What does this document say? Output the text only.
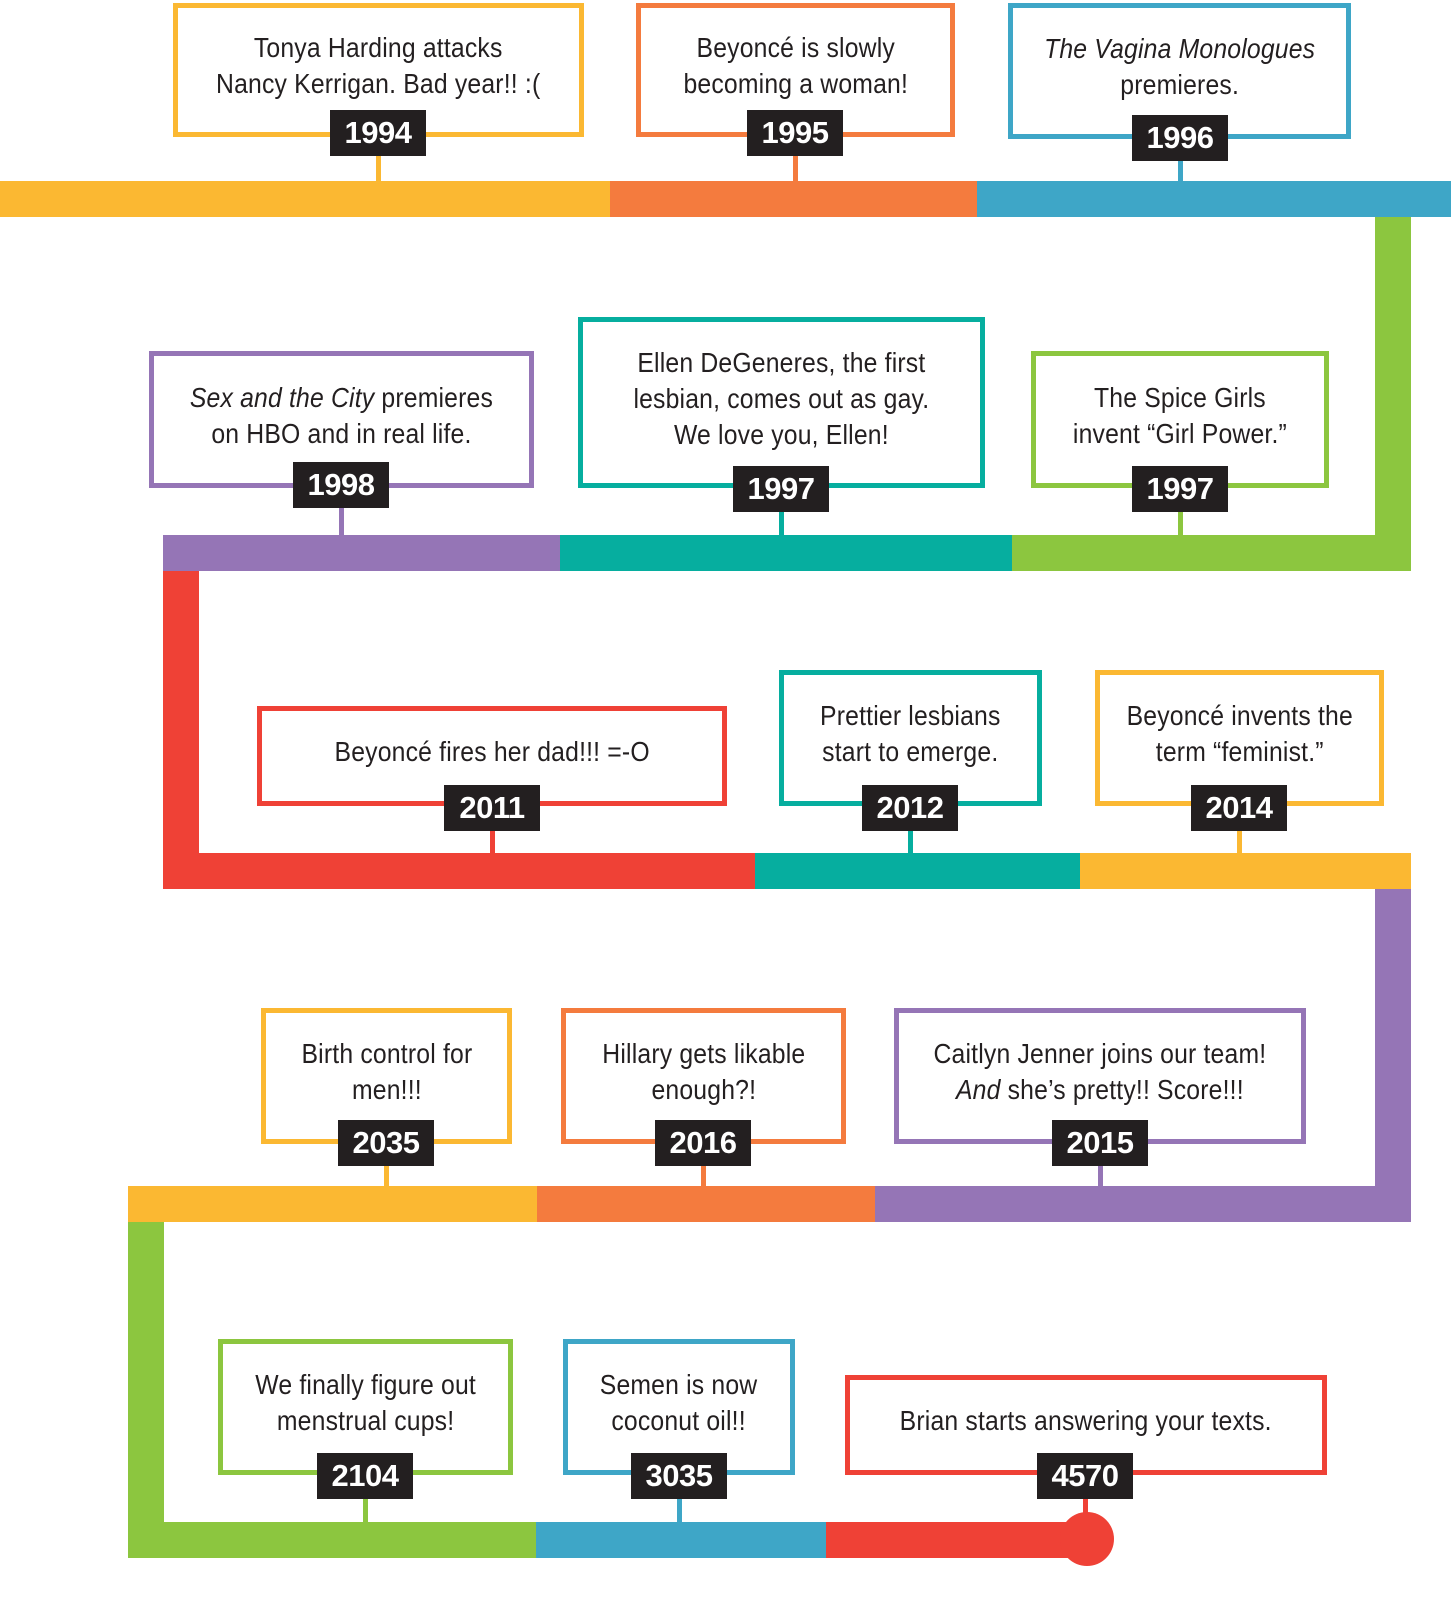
Tonya Harding attacks
Nancy Kerrigan. Bad year!! :(
1994
Beyoncé is slowly
becoming a woman!
1995
The Vagina Monologues
premieres.
1996
Sex and the City premieres
on HBO and in real life.
1998
Ellen DeGeneres, the first
lesbian, comes out as gay.
We love you, Ellen!
1997
The Spice Girls
invent “Girl Power.”
1997
Beyoncé fires her dad!!! =-O
2011
Prettier lesbians
start to emerge.
2012
Beyoncé invents the
term “feminist.”
2014
Birth control for
men!!!
2035
Hillary gets likable
enough?!
2016
Caitlyn Jenner joins our team!
And she’s pretty!! Score!!!
2015
We finally figure out
menstrual cups!
2104
Semen is now
coconut oil!!
3035
Brian starts answering your texts.
4570
